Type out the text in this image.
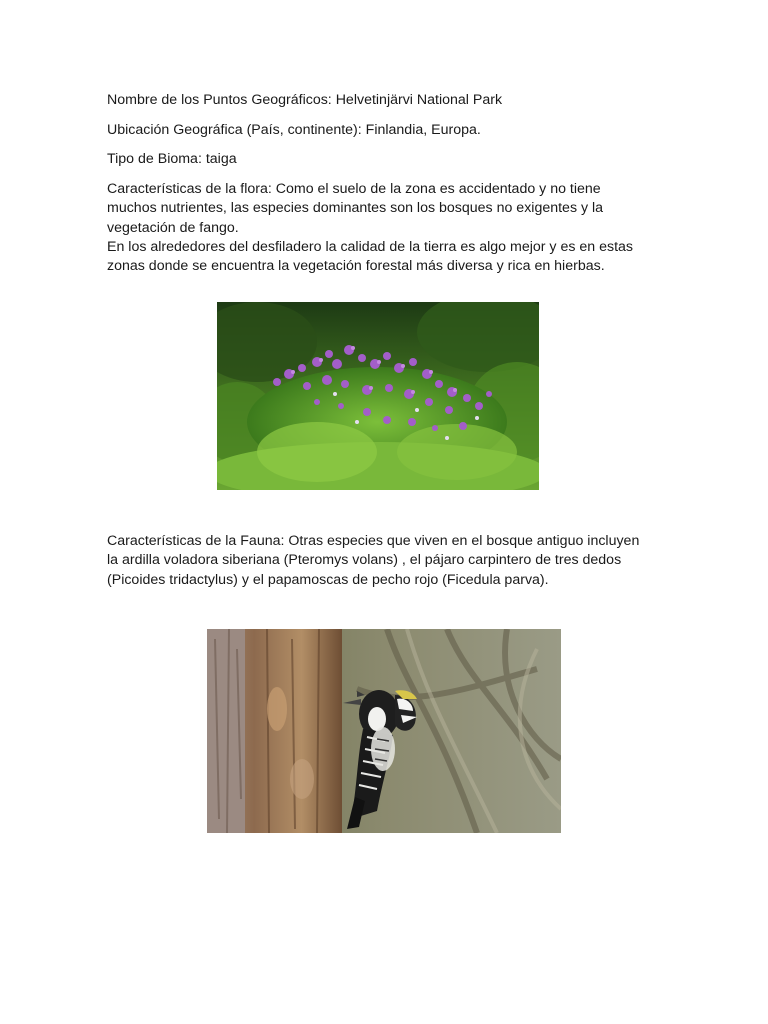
Nombre de los Puntos Geográficos: Helvetinjärvi National Park
Ubicación Geográfica (País, continente): Finlandia, Europa.
Tipo de Bioma: taiga

Características de la flora: Como el suelo de la zona es accidentado y no tiene muchos nutrientes, las especies dominantes son los bosques no exigentes y la vegetación de fango.

En los alrededores del desfiladero la calidad de la tierra es algo mejor y es en estas zonas donde se encuentra la vegetación forestal más diversa y rica en hierbas.

Características de la Fauna: Otras especies que viven en el bosque antiguo incluyen la ardilla voladora siberiana (Pteromys volans) , el pájaro carpintero de tres dedos (Picoides tridactylus) y el papamoscas de pecho rojo (Ficedula parva).
